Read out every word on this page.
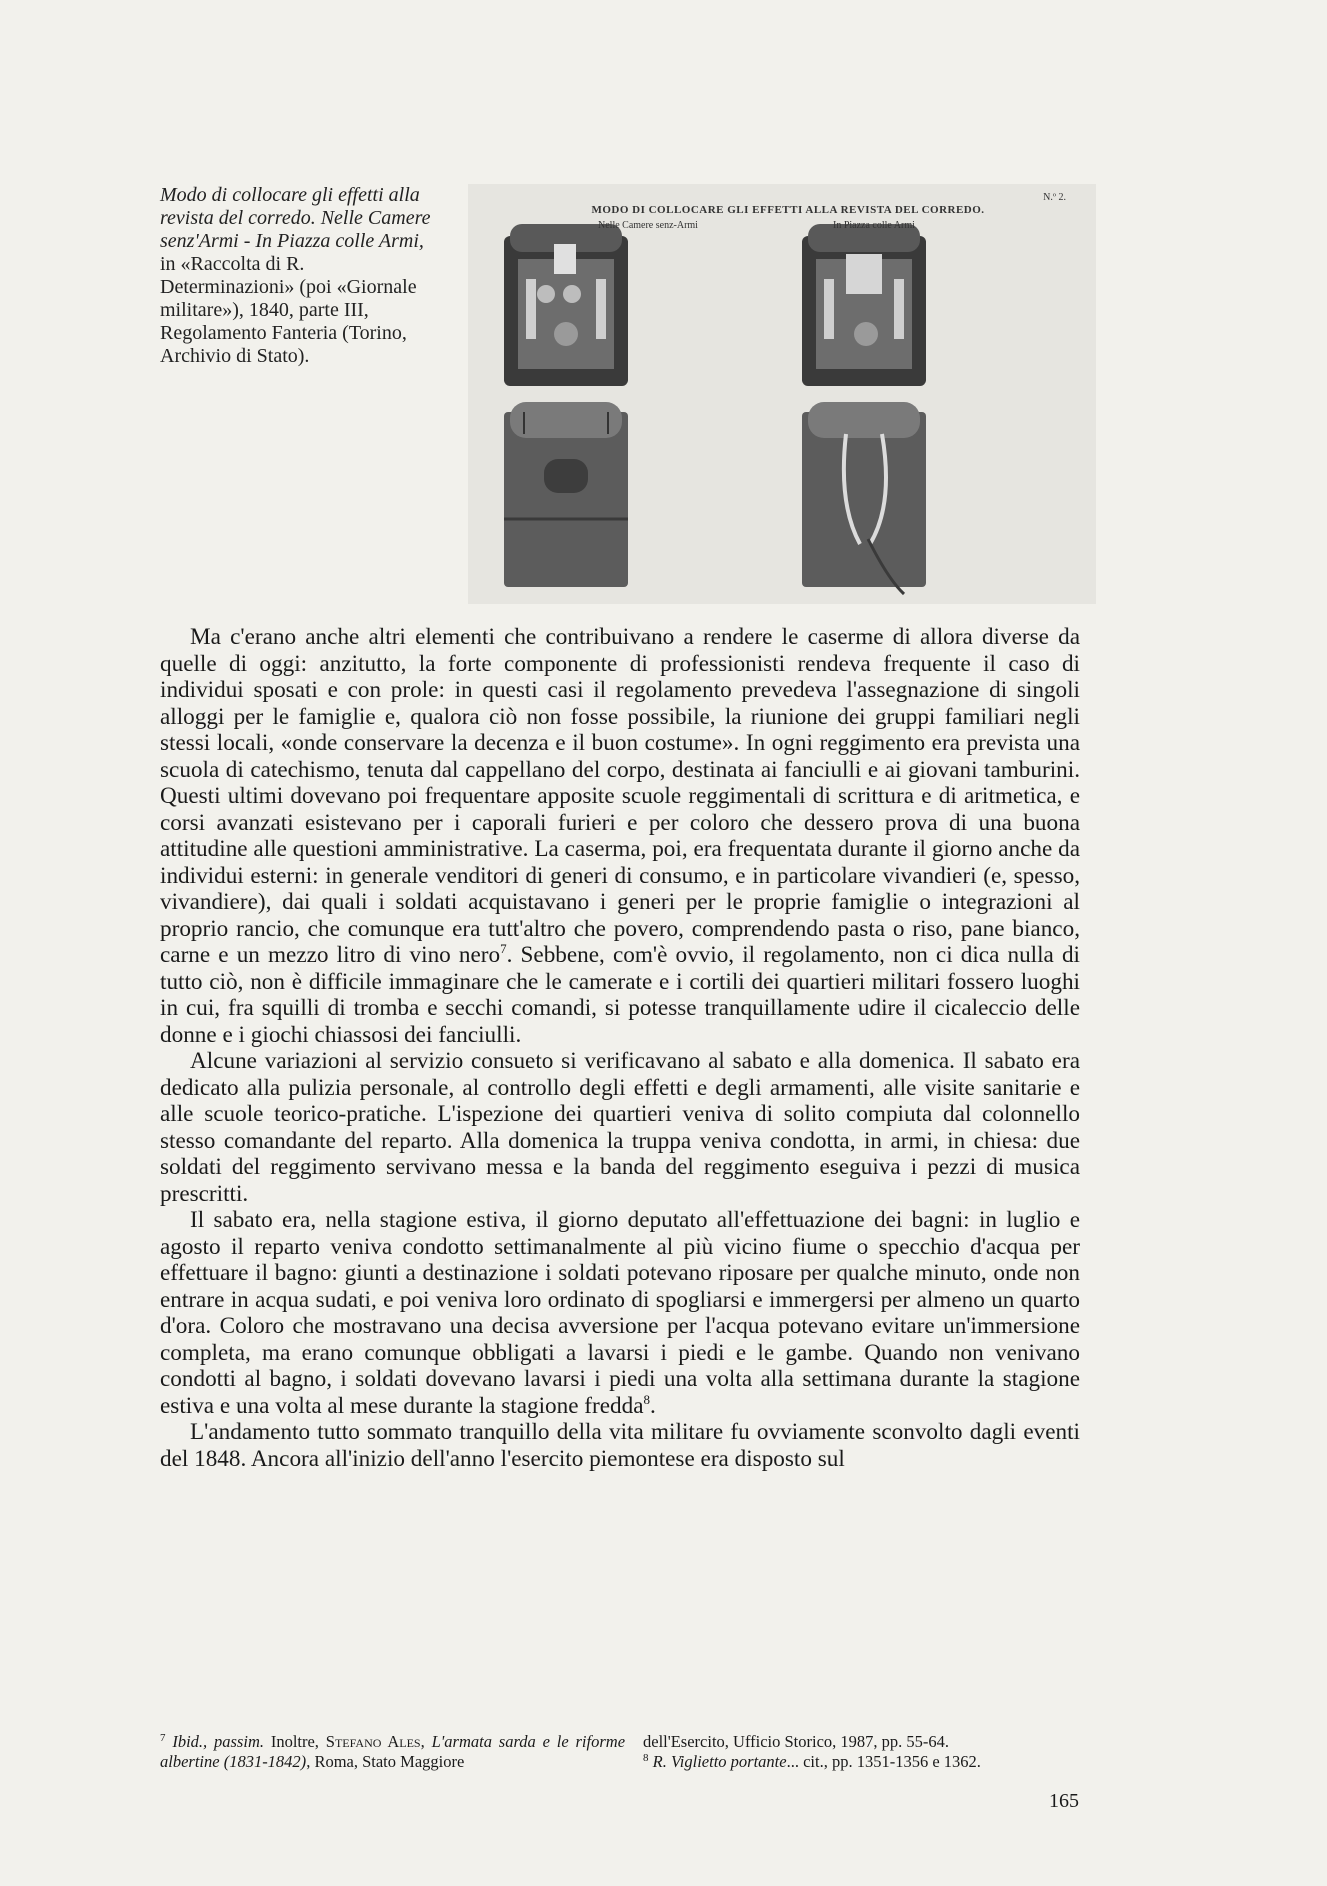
Modo di collocare gli effetti alla revista del corredo. Nelle Camere senz'Armi - In Piazza colle Armi, in «Raccolta di R. Determinazioni» (poi «Giornale militare»), 1840, parte III, Regolamento Fanteria (Torino, Archivio di Stato).
N.º 2.
MODO DI COLLOCARE GLI EFFETTI ALLA REVISTA DEL CORREDO.
Nelle Camere senz-Armi	In Piazza colle Armi

Ma c'erano anche altri elementi che contribuivano a rendere le caserme di allora diverse da quelle di oggi: anzitutto, la forte componente di professionisti rendeva frequente il caso di individui sposati e con prole: in questi casi il regolamento prevedeva l'assegnazione di singoli alloggi per le famiglie e, qualora ciò non fosse possibile, la riunione dei gruppi familiari negli stessi locali, «onde conservare la decenza e il buon costume». In ogni reggimento era prevista una scuola di catechismo, tenuta dal cappellano del corpo, destinata ai fanciulli e ai giovani tamburini. Questi ultimi dovevano poi frequentare apposite scuole reggimentali di scrittura e di aritmetica, e corsi avanzati esistevano per i caporali furieri e per coloro che dessero prova di una buona attitudine alle questioni amministrative. La caserma, poi, era frequentata durante il giorno anche da individui esterni: in generale venditori di generi di consumo, e in particolare vivandieri (e, spesso, vivandiere), dai quali i soldati acquistavano i generi per le proprie famiglie o integrazioni al proprio rancio, che comunque era tutt'altro che povero, comprendendo pasta o riso, pane bianco, carne e un mezzo litro di vino nero$^7$. Sebbene, com'è ovvio, il regolamento, non ci dica nulla di tutto ciò, non è difficile immaginare che le camerate e i cortili dei quartieri militari fossero luoghi in cui, fra squilli di tromba e secchi comandi, si potesse tranquillamente udire il cicaleccio delle donne e i giochi chiassosi dei fanciulli.

Alcune variazioni al servizio consueto si verificavano al sabato e alla domenica. Il sabato era dedicato alla pulizia personale, al controllo degli effetti e degli armamenti, alle visite sanitarie e alle scuole teorico-pratiche. L'ispezione dei quartieri veniva di solito compiuta dal colonnello stesso comandante del reparto. Alla domenica la truppa veniva condotta, in armi, in chiesa: due soldati del reggimento servivano messa e la banda del reggimento eseguiva i pezzi di musica prescritti.

Il sabato era, nella stagione estiva, il giorno deputato all'effettuazione dei bagni: in luglio e agosto il reparto veniva condotto settimanalmente al più vicino fiume o specchio d'acqua per effettuare il bagno: giunti a destinazione i soldati potevano riposare per qualche minuto, onde non entrare in acqua sudati, e poi veniva loro ordinato di spogliarsi e immergersi per almeno un quarto d'ora. Coloro che mostravano una decisa avversione per l'acqua potevano evitare un'immersione completa, ma erano comunque obbligati a lavarsi i piedi e le gambe. Quando non venivano condotti al bagno, i soldati dovevano lavarsi i piedi una volta alla settimana durante la stagione estiva e una volta al mese durante la stagione fredda$^8$.

L'andamento tutto sommato tranquillo della vita militare fu ovviamente sconvolto dagli eventi del 1848. Ancora all'inizio dell'anno l'esercito piemontese era disposto sul

$^7$ Ibid., passim. Inoltre, Stefano Ales, L'armata sarda e le riforme albertine (1831-1842), Roma, Stato Maggiore

dell'Esercito, Ufficio Storico, 1987, pp. 55-64.

$^8$ R. Viglietto portante... cit., pp. 1351-1356 e 1362.

165
